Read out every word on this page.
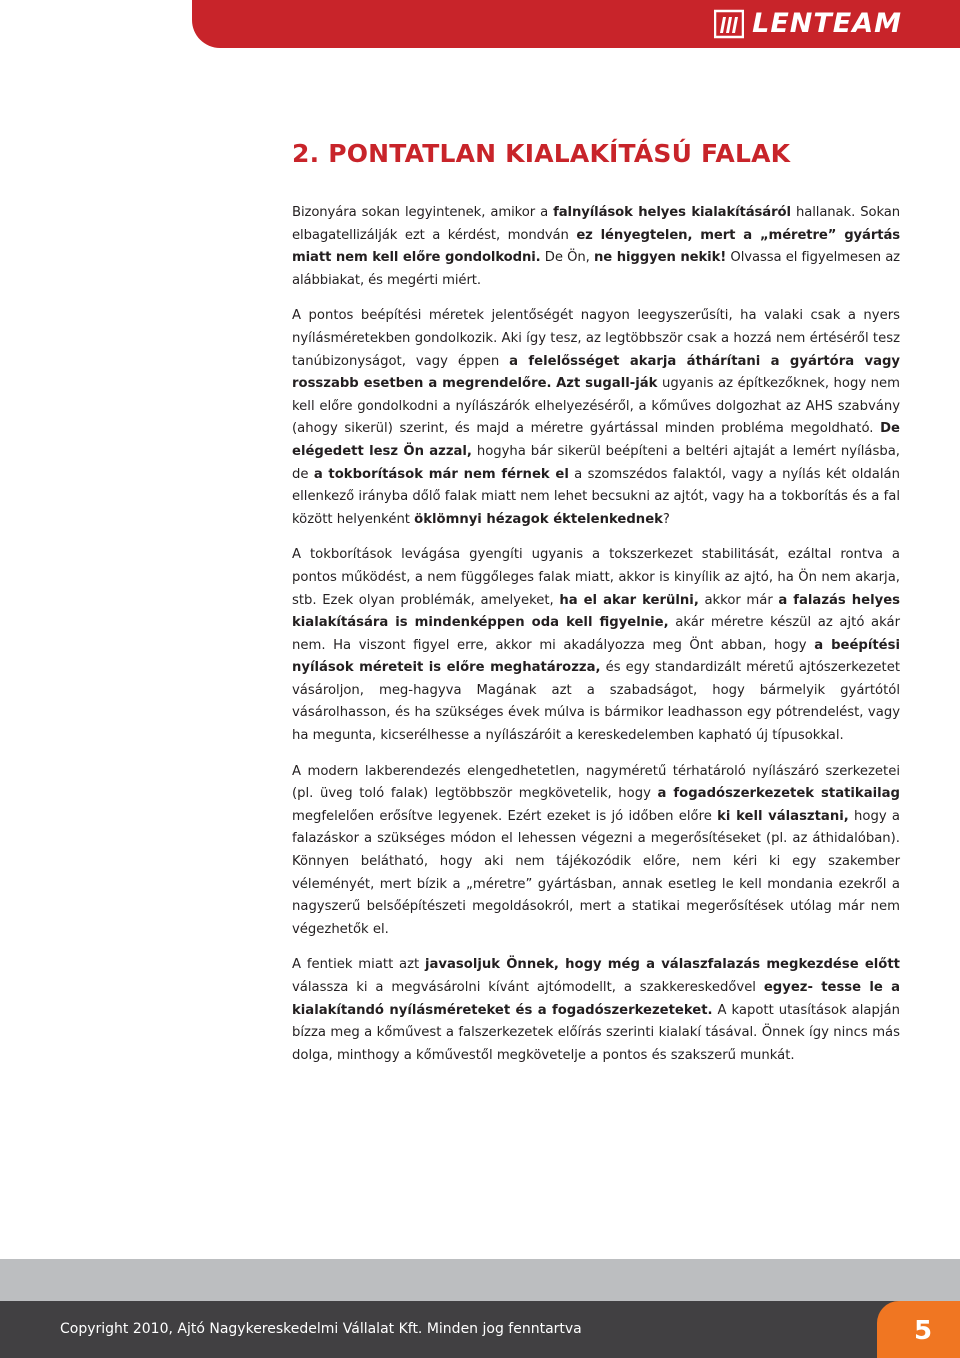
LENTEAM
2. PONTATLAN KIALAKÍTÁSÚ FALAK

Bizonyára sokan legyintenek, amikor a falnyílások helyes kialakításáról hallanak. Sokan elbagatellizálják ezt a kérdést, mondván ez lényegtelen, mert a „méretre” gyártás miatt nem kell előre gondolkodni. De Ön, ne higgyen nekik! Olvassa el figyelmesen az alábbiakat, és megérti miért.

A pontos beépítési méretek jelentőségét nagyon leegyszerűsíti, ha valaki csak a nyers nyílásméretekben gondolkozik. Aki így tesz, az legtöbbször csak a hozzá nem értéséről tesz tanúbizonyságot, vagy éppen a felelősséget akarja áthárítani a gyártóra vagy rosszabb esetben a megrendelőre. Azt sugall-ják ugyanis az építkezőknek, hogy nem kell előre gondolkodni a nyílászárók elhelyezéséről, a kőműves dolgozhat az AHS szabvány (ahogy sikerül) szerint, és majd a méretre gyártással minden probléma megoldható. De elégedett lesz Ön azzal, hogyha bár sikerül beépíteni a beltéri ajtaját a lemért nyílásba, de a tokborítások már nem férnek el a szomszédos falaktól, vagy a nyílás két oldalán ellenkező irányba dőlő falak miatt nem lehet becsukni az ajtót, vagy ha a tokborítás és a fal között helyenként öklömnyi hézagok éktelenkednek?

A tokborítások levágása gyengíti ugyanis a tokszerkezet stabilitását, ezáltal rontva a pontos működést, a nem függőleges falak miatt, akkor is kinyílik az ajtó, ha Ön nem akarja, stb. Ezek olyan problémák, amelyeket, ha el akar kerülni, akkor már a falazás helyes kialakítására is mindenképpen oda kell figyelnie, akár méretre készül az ajtó akár nem. Ha viszont figyel erre, akkor mi akadályozza meg Önt abban, hogy a beépítési nyílások méreteit is előre meghatározza, és egy standardizált méretű ajtószerkezetet vásároljon, meg-hagyva Magának azt a szabadságot, hogy bármelyik gyártótól vásárolhasson, és ha szükséges évek múlva is bármikor leadhasson egy pótrendelést, vagy ha megunta, kicserélhesse a nyílászáróit a kereskedelemben kapható új típusokkal.

A modern lakberendezés elengedhetetlen, nagyméretű térhatároló nyílászáró szerkezetei (pl. üveg toló falak) legtöbbször megkövetelik, hogy a fogadószerkezetek statikailag megfelelően erősítve legyenek. Ezért ezeket is jó időben előre ki kell választani, hogy a falazáskor a szükséges módon el lehessen végezni a megerősítéseket (pl. az áthidalóban). Könnyen belátható, hogy aki nem tájékozódik előre, nem kéri ki egy szakember véleményét, mert bízik a „méretre” gyártásban, annak esetleg le kell mondania ezekről a nagyszerű belsőépítészeti megoldásokról, mert a statikai megerősítések utólag már nem végezhetők el.

A fentiek miatt azt javasoljuk Önnek, hogy még a válaszfalazás megkezdése előtt válassza ki a megvásárolni kívánt ajtómodellt, a szakkereskedővel egyez- tesse le a kialakítandó nyílásméreteket és a fogadószerkezeteket. A kapott utasítások alapján bízza meg a kőművest a falszerkezetek előírás szerinti kialakí tásával. Önnek így nincs más dolga, minthogy a kőművestől megkövetelje a pontos és szakszerű munkát.

Copyright 2010, Ajtó Nagykereskedelmi Vállalat Kft. Minden jog fenntartva	5
